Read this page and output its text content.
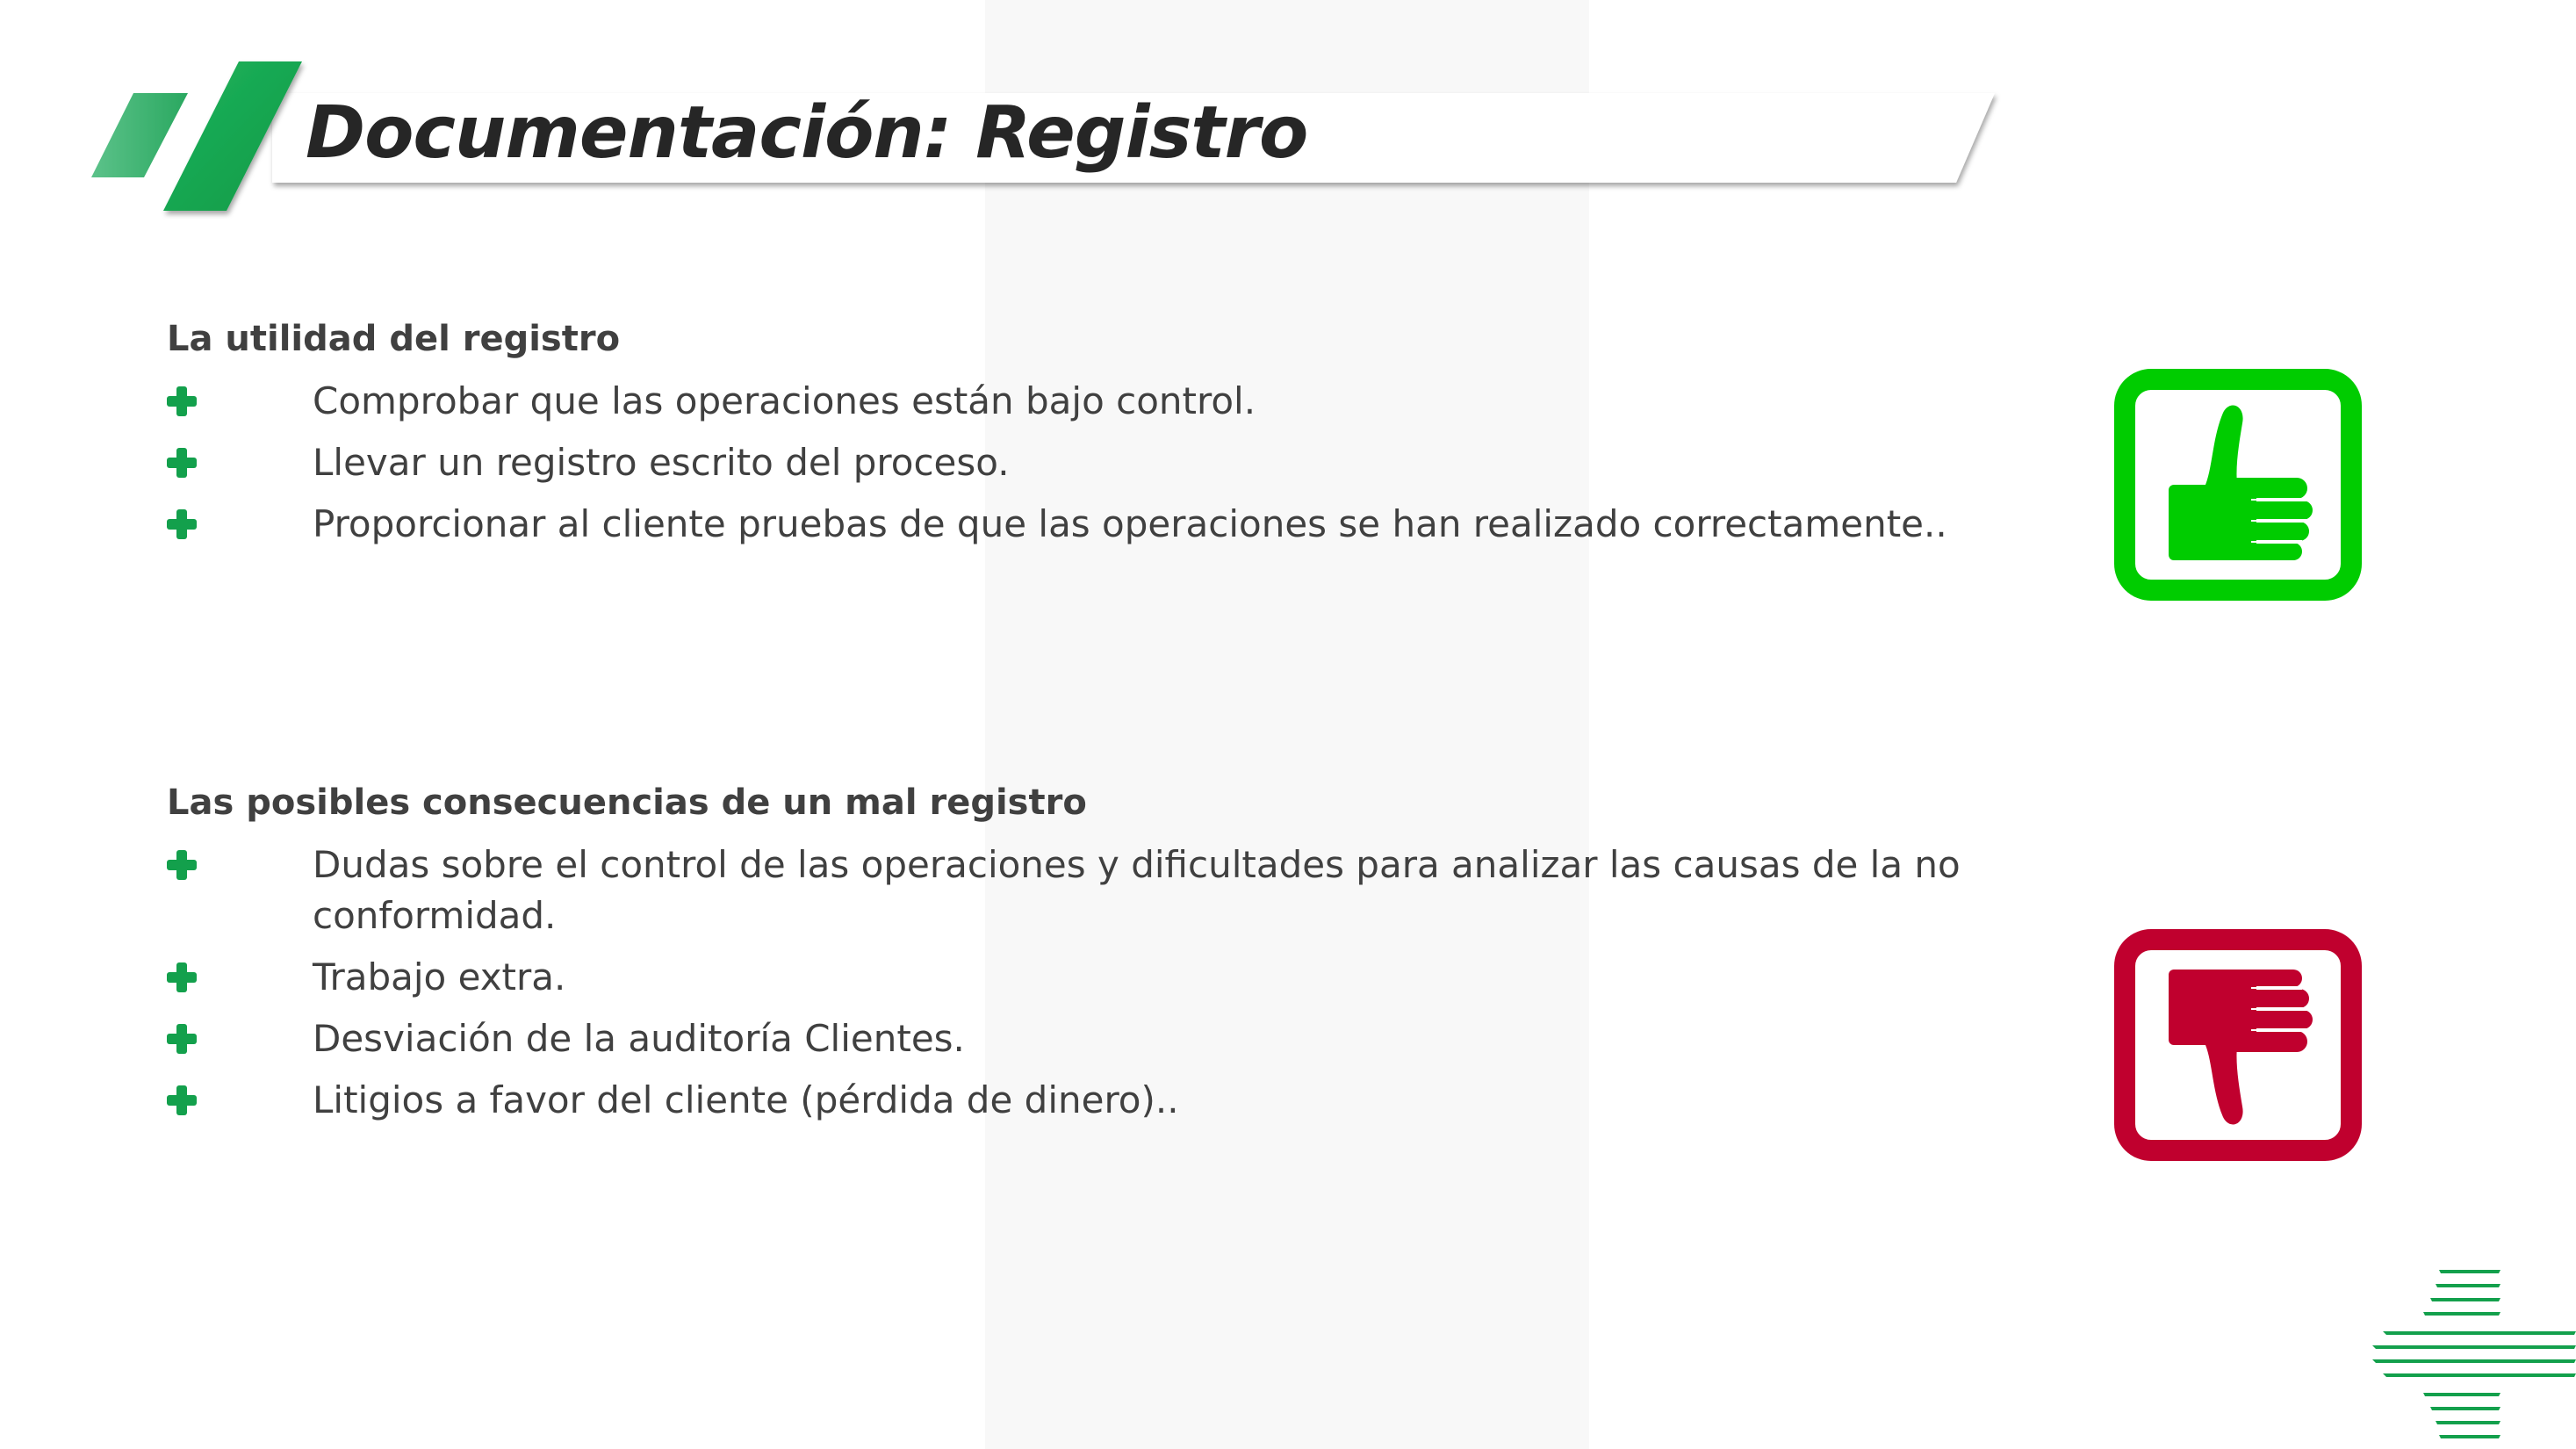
Documentación: Registro
La utilidad del registro
Comprobar que las operaciones están bajo control.
Llevar un registro escrito del proceso.
Proporcionar al cliente pruebas de que las operaciones se han realizado correctamente..
Las posibles consecuencias de un mal registro
Dudas sobre el control de las operaciones y dificultades para analizar las causas de la no conformidad.
Trabajo extra.
Desviación de la auditoría Clientes.
Litigios a favor del cliente (pérdida de dinero)..
